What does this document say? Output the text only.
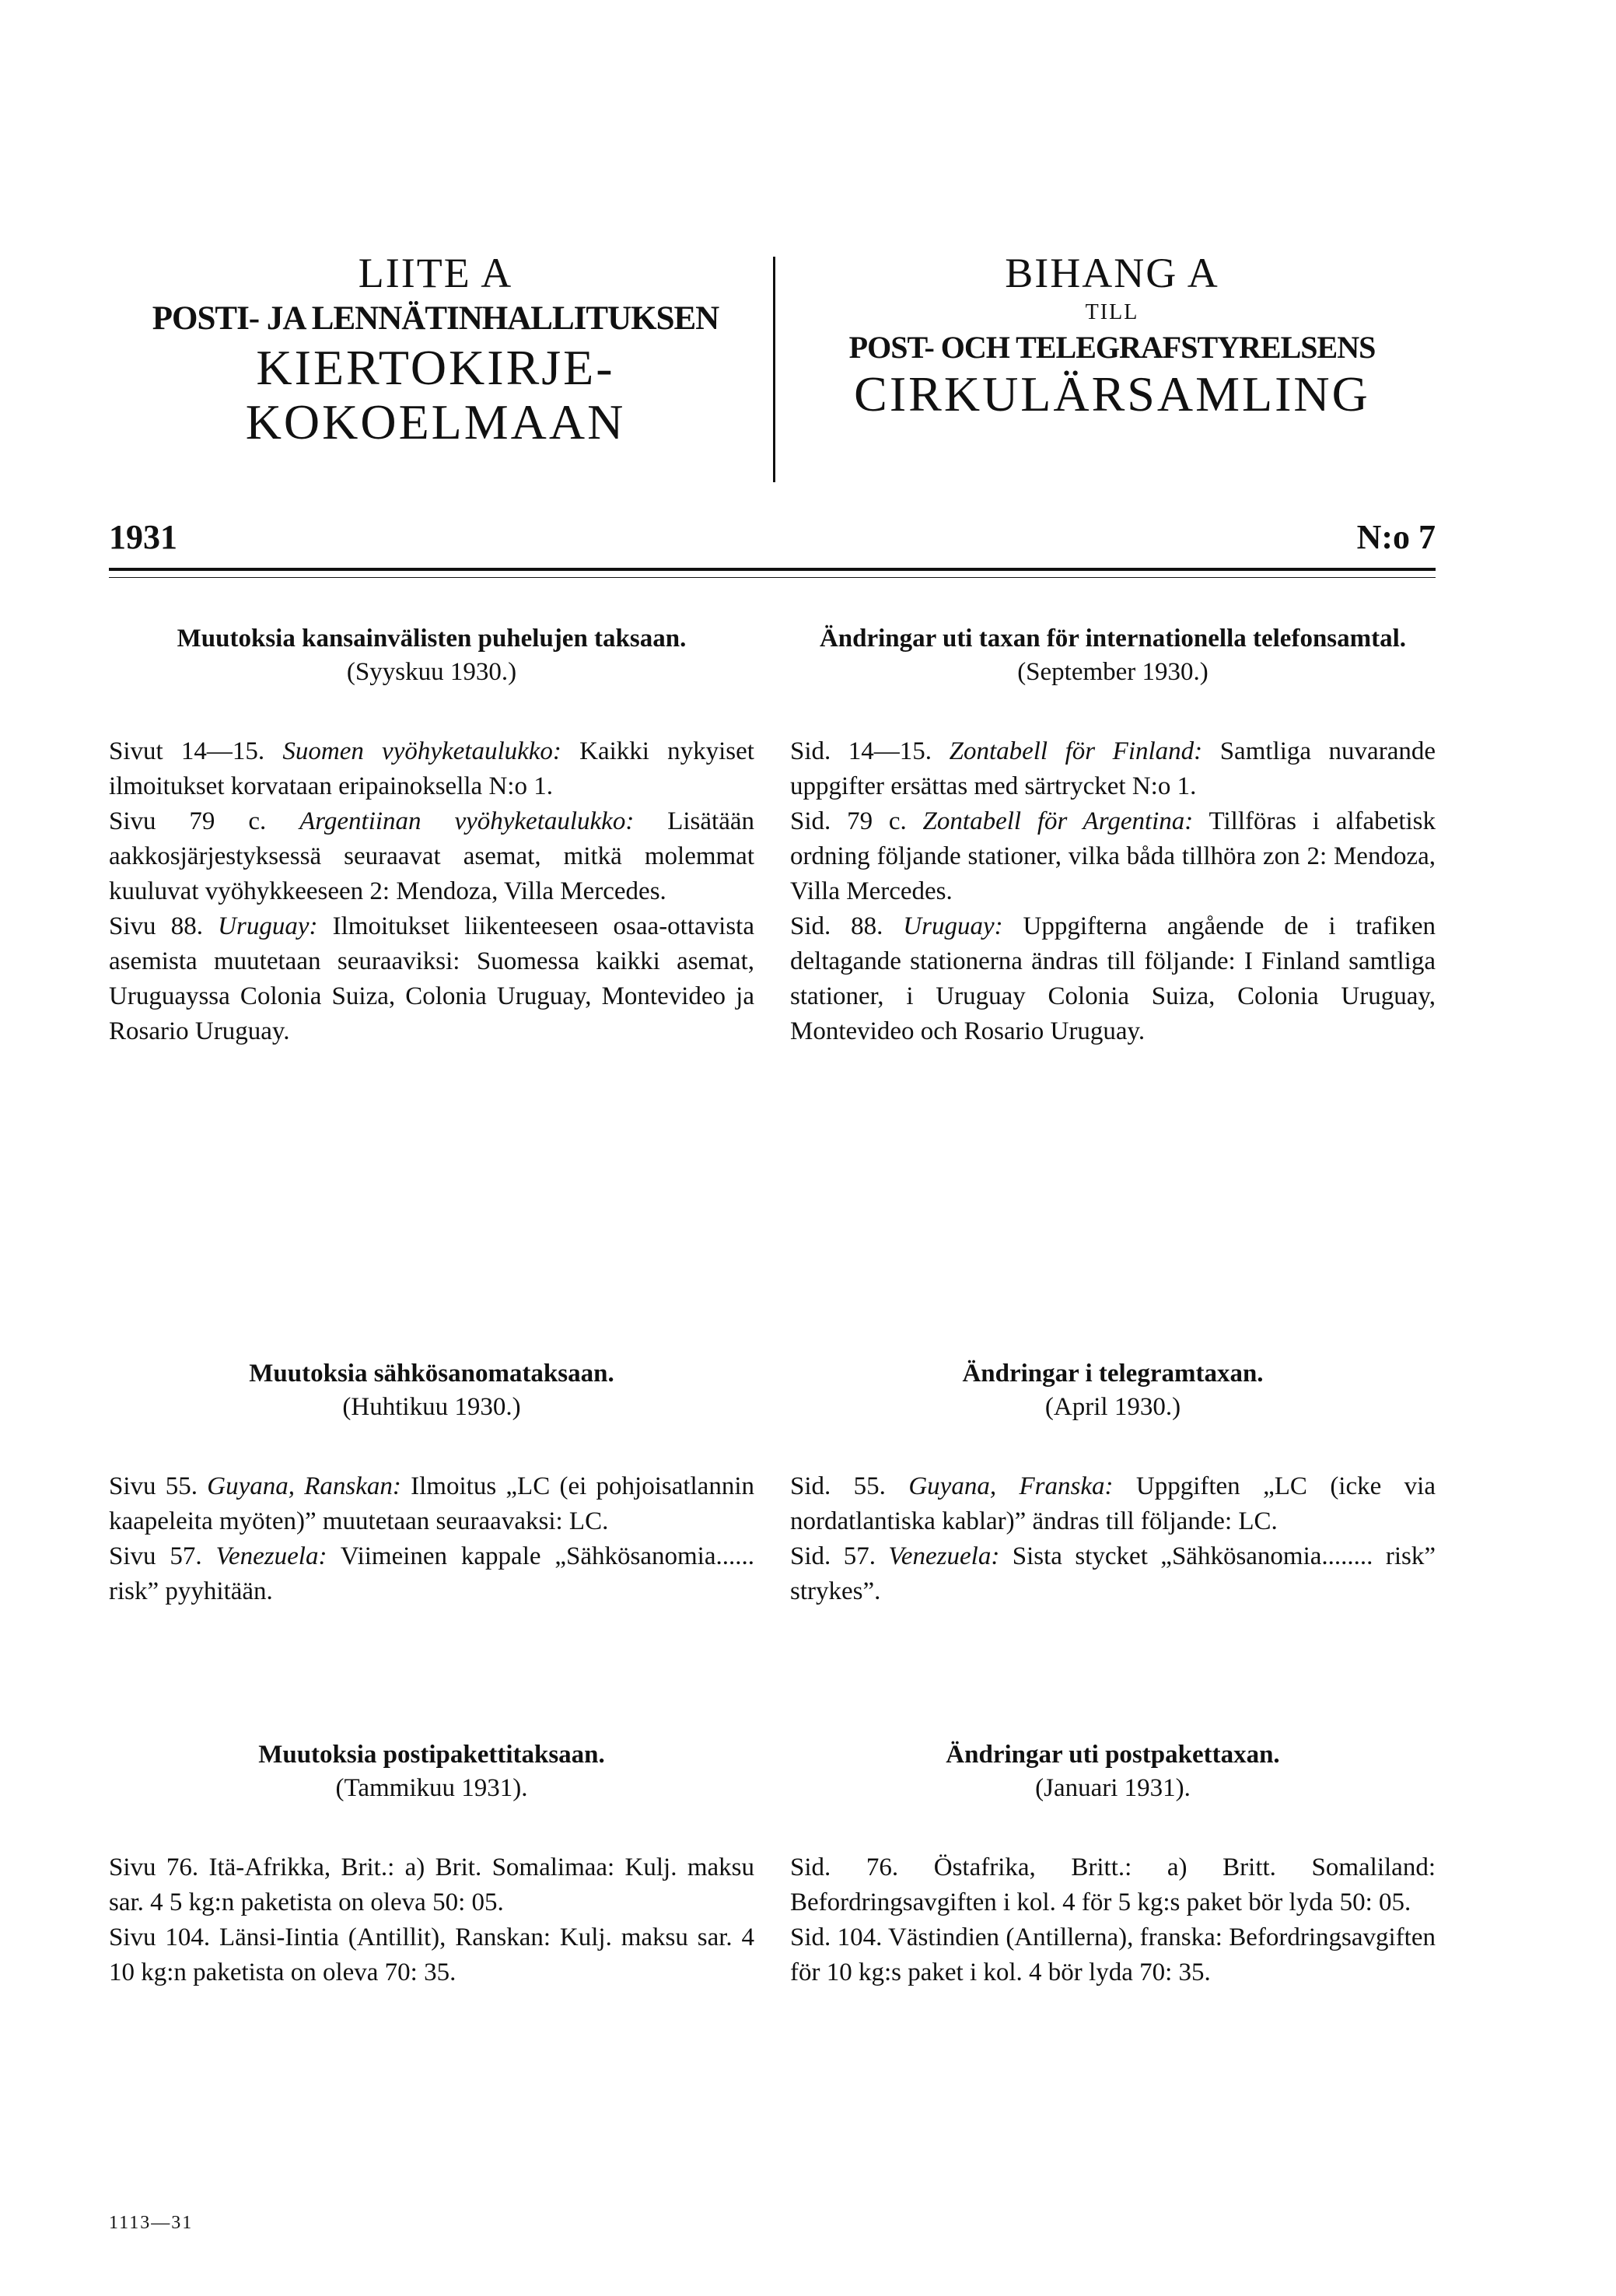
LIITE A
POSTI- JA LENNÄTINHALLITUKSEN
KIERTOKIRJE-
KOKOELMAAN
BIHANG A
TILL
POST- OCH TELEGRAFSTYRELSENS
CIRKULÄRSAMLING
1931	N:o 7
Muutoksia kansainvälisten puhelujen taksaan.
(Syyskuu 1930.)

Sivut 14—15. Suomen vyöhyketaulukko: Kaikki nykyiset ilmoitukset korvataan eripainoksella N:o 1.

Sivu 79 c. Argentiinan vyöhyketaulukko: Lisätään aakkosjärjestyksessä seuraavat asemat, mitkä molemmat kuuluvat vyöhykkeeseen 2: Mendoza, Villa Mercedes.

Sivu 88. Uruguay: Ilmoitukset liikenteeseen osaa-ottavista asemista muutetaan seuraaviksi: Suomessa kaikki asemat, Uruguayssa Colonia Suiza, Colonia Uruguay, Montevideo ja Rosario Uruguay.

Ändringar uti taxan för internationella telefonsamtal.
(September 1930.)

Sid. 14—15. Zontabell för Finland: Samtliga nuvarande uppgifter ersättas med särtrycket N:o 1.

Sid. 79 c. Zontabell för Argentina: Tillföras i alfabetisk ordning följande stationer, vilka båda tillhöra zon 2: Mendoza, Villa Mercedes.

Sid. 88. Uruguay: Uppgifterna angående de i trafiken deltagande stationerna ändras till följande: I Finland samtliga stationer, i Uruguay Colonia Suiza, Colonia Uruguay, Montevideo och Rosario Uruguay.

Muutoksia sähkösanomataksaan.
(Huhtikuu 1930.)

Sivu 55. Guyana, Ranskan: Ilmoitus „LC (ei pohjoisatlannin kaapeleita myöten)” muutetaan seuraavaksi: LC.

Sivu 57. Venezuela: Viimeinen kappale „Sähkösanomia...... risk” pyyhitään.

Ändringar i telegramtaxan.
(April 1930.)

Sid. 55. Guyana, Franska: Uppgiften „LC (icke via nordatlantiska kablar)” ändras till följande: LC.

Sid. 57. Venezuela: Sista stycket „Sähkösanomia........ risk” strykes”.

Muutoksia postipakettitaksaan.
(Tammikuu 1931).

Sivu 76. Itä-Afrikka, Brit.: a) Brit. Somalimaa: Kulj. maksu sar. 4 5 kg:n paketista on oleva 50: 05.

Sivu 104. Länsi-Iintia (Antillit), Ranskan: Kulj. maksu sar. 4 10 kg:n paketista on oleva 70: 35.

Ändringar uti postpakettaxan.
(Januari 1931).

Sid. 76. Östafrika, Britt.: a) Britt. Somaliland: Befordringsavgiften i kol. 4 för 5 kg:s paket bör lyda 50: 05.

Sid. 104. Västindien (Antillerna), franska: Befordringsavgiften för 10 kg:s paket i kol. 4 bör lyda 70: 35.

1113—31
